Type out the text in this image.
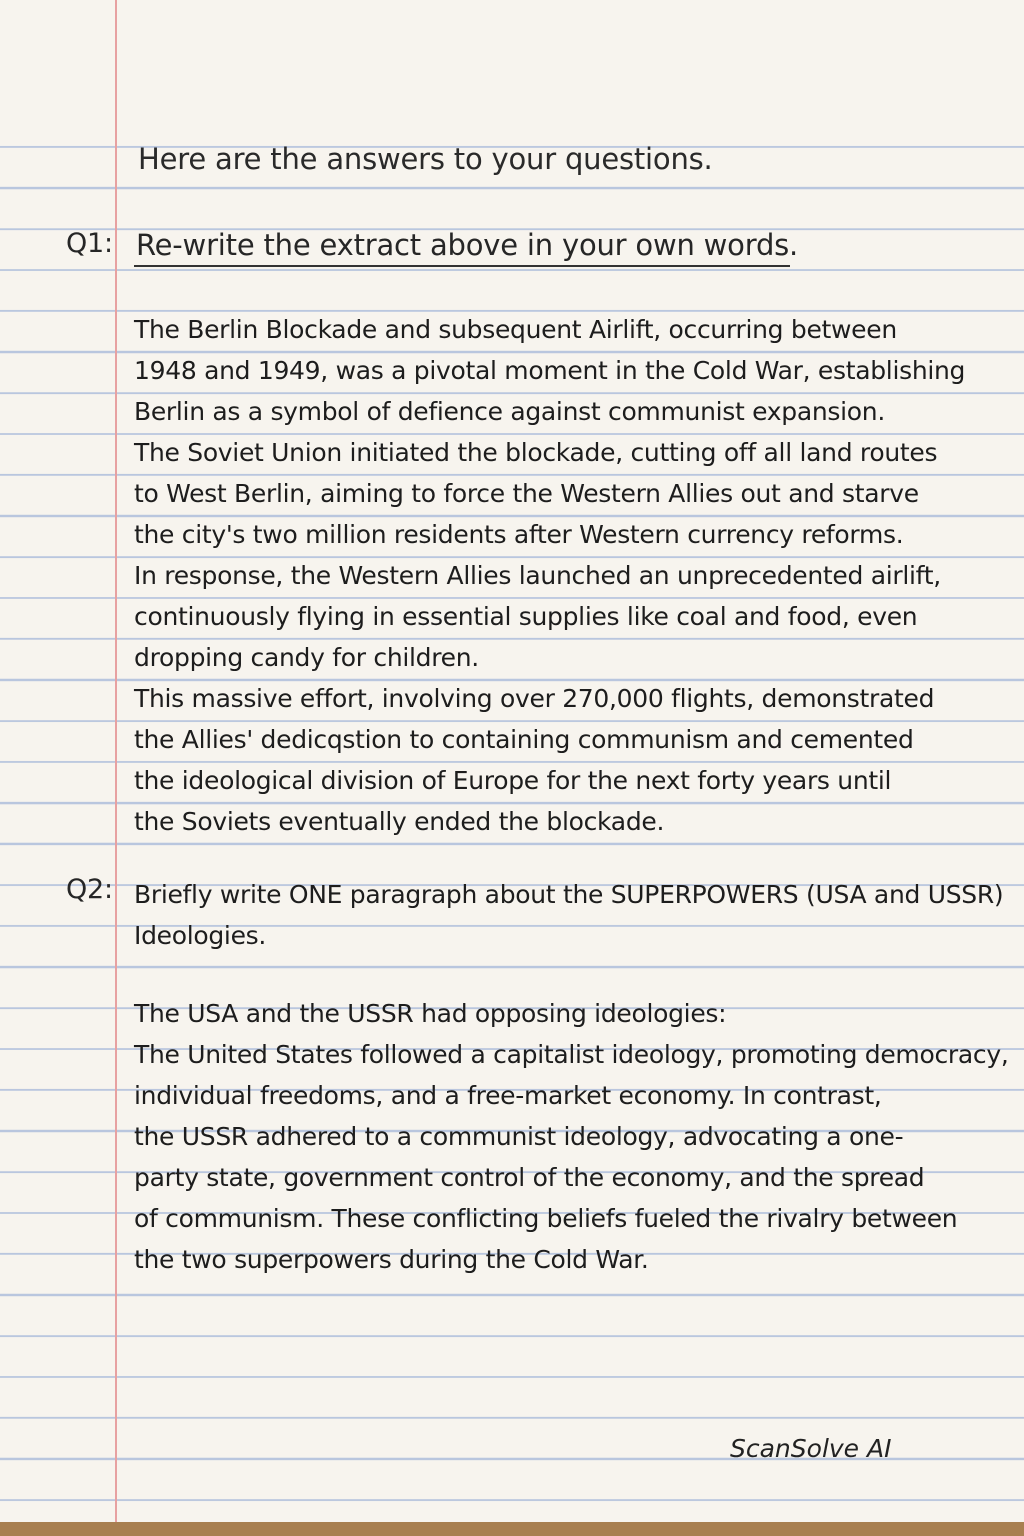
Here are the answers to your questions.
Q1: Re-write the extract above in your own words.
The Berlin Blockade and subsequent Airlift, occurring between
1948 and 1949, was a pivotal moment in the Cold War, establishing
Berlin as a symbol of defience against communist expansion.
The Soviet Union initiated the blockade, cutting off all land routes
to West Berlin, aiming to force the Western Allies out and starve
the city's two million residents after Western currency reforms.
In response, the Western Allies launched an unprecedented airlift,
continuously flying in essential supplies like coal and food, even
dropping candy for children.
This massive effort, involving over 270,000 flights, demonstrated
the Allies' dedicqstion to containing communism and cemented
the ideological division of Europe for the next forty years until
the Soviets eventually ended the blockade.
Q2: Briefly write ONE paragraph about the SUPERPOWERS (USA and USSR)
Ideologies.
The USA and the USSR had opposing ideologies:
The United States followed a capitalist ideology, promoting democracy,
individual freedoms, and a free-market economy. In contrast,
the USSR adhered to a communist ideology, advocating a one-
party state, government control of the economy, and the spread
of communism. These conflicting beliefs fueled the rivalry between
the two superpowers during the Cold War.
ScanSolve AI
